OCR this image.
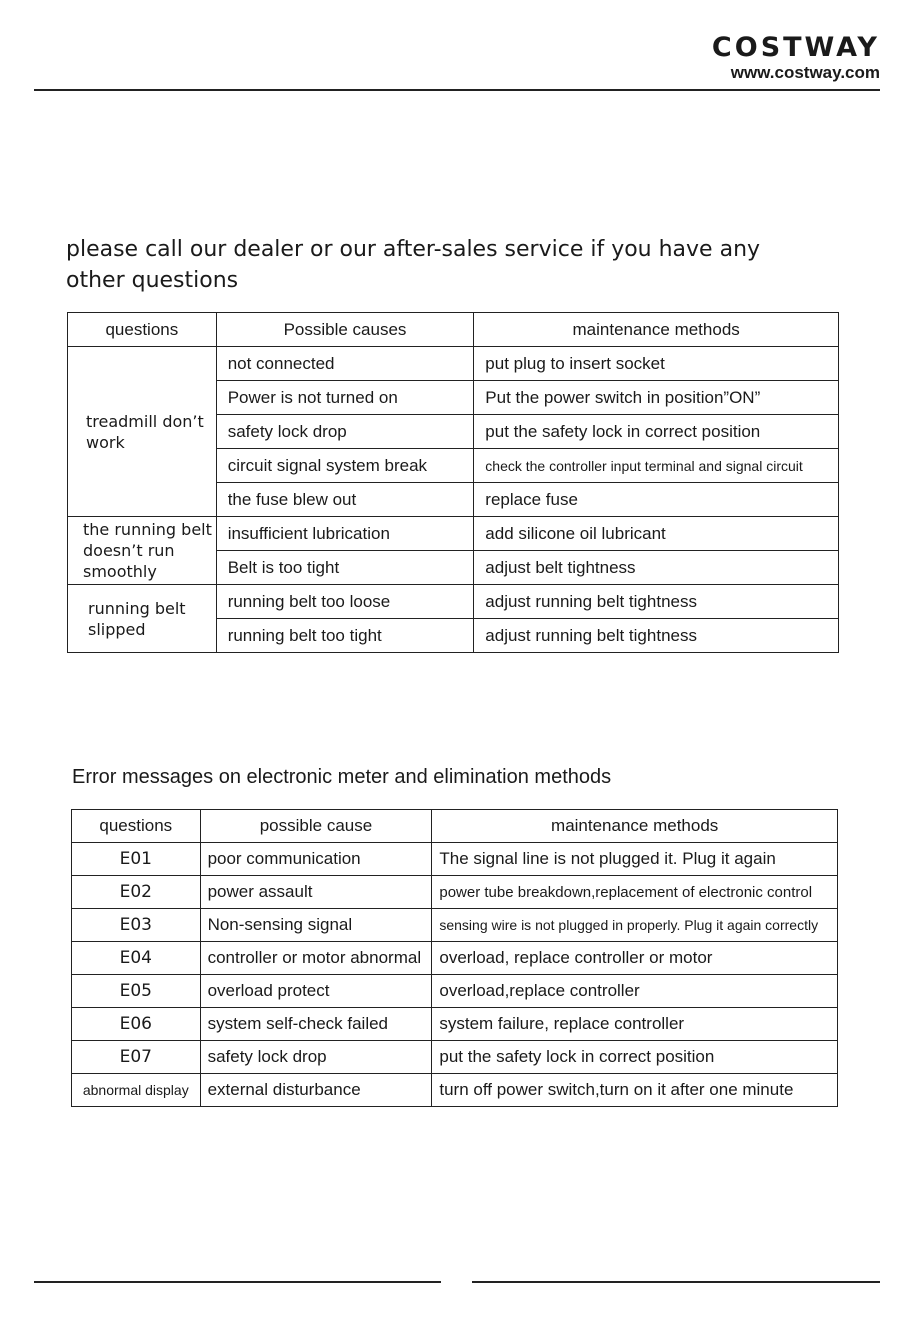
COSTWAY
www.costway.com
please call our dealer or our after-sales service if you have any other questions
questions	Possible causes	maintenance methods
treadmill don’t work	not connected	put plug to insert socket
	Power is not turned on	Put the power switch in position”ON”
	safety lock drop	put the safety lock in correct position
	circuit signal system break	check the controller input terminal and signal circuit
	the fuse blew out	replace fuse
the running belt doesn’t run smoothly	insufficient lubrication	add silicone oil lubricant
	Belt is too tight	adjust belt tightness
running belt slipped	running belt too loose	adjust running belt tightness
	running belt too tight	adjust running belt tightness
Error messages on electronic meter and elimination methods
questions	possible cause	maintenance methods
E01	poor communication	The signal line is not plugged it. Plug it again
E02	power assault	power tube breakdown,replacement of electronic control
E03	Non-sensing signal	sensing wire is not plugged in properly. Plug it again correctly
E04	controller or motor abnormal	overload, replace controller or motor
E05	overload protect	overload,replace controller
E06	system self-check failed	system failure, replace controller
E07	safety lock drop	put the safety lock in correct position
abnormal display	external disturbance	turn off power switch,turn on it after one minute
